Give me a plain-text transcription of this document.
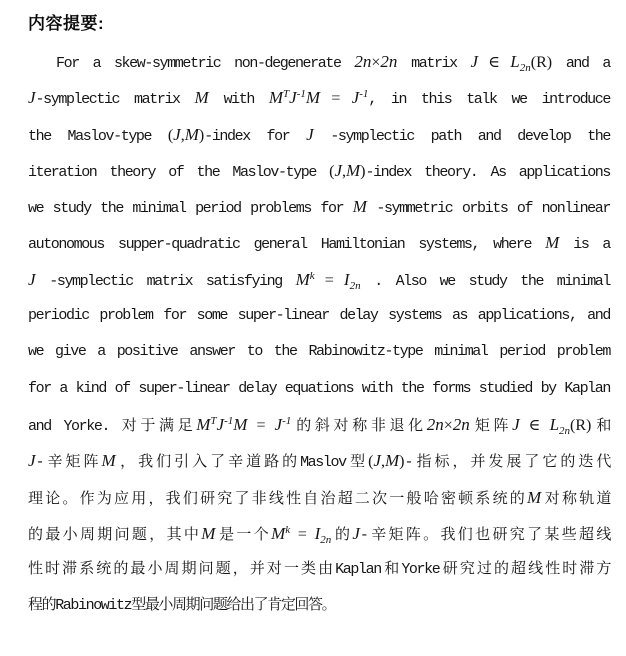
内容提要:

For a skew-symmetric non-degenerate 2n×2n matrix J ∈ $L_{2n}(R)$ and a

J-symplectic matrix M with $M^TJ^{-1}M = J^{-1}$, in this talk we introduce

the Maslov-type (J,M)-index for J -symplectic path and develop the

iteration theory of the Maslov-type (J,M)-index theory. As applications

we study the minimal period problems for M -symmetric orbits of nonlinear

autonomous supper-quadratic general Hamiltonian systems, where M is a

J -symplectic matrix satisfying $M^k = I_{2n}$ . Also we study the minimal

periodic problem for some super-linear delay systems as applications, and

we give a positive answer to the Rabinowitz-type minimal period problem

for a kind of super-linear delay equations with the forms studied by Kaplan

and Yorke. 对于满足$M^TJ^{-1}M = J^{-1}$的斜对称非退化2n×2n矩阵J ∈ $L_{2n}(R)$和

J-辛矩阵M，我们引入了辛道路的Maslov型(J,M)-指标，并发展了它的迭代

理论。作为应用，我们研究了非线性自治超二次一般哈密顿系统的M对称轨道

的最小周期问题，其中M是一个$M^k = I_{2n}$的J-辛矩阵。我们也研究了某些超线

性时滞系统的最小周期问题，并对一类由Kaplan和Yorke研究过的超线性时滞方

程的Rabinowitz型最小周期问题给出了肯定回答。
